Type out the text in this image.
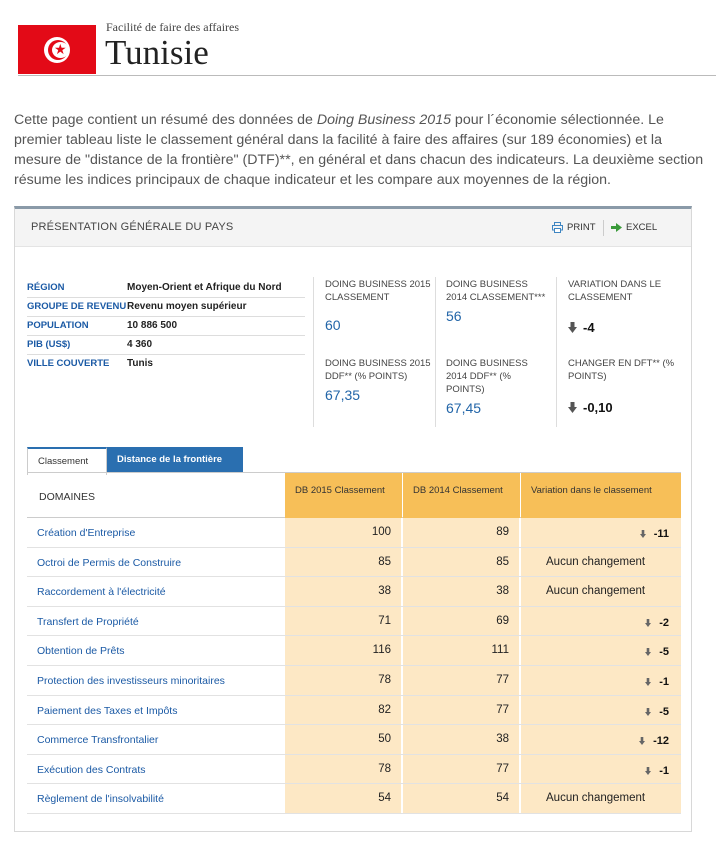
★
Facilité de faire des affaires
Tunisie

Cette page contient un résumé des données de Doing Business 2015 pour l´économie sélectionnée. Le premier tableau liste le classement général dans la facilité à faire des affaires (sur 189 économies) et la mesure de "distance de la frontière" (DTF)**, en général et dans chacun des indicateurs. La deuxième section résume les indices principaux de chaque indicateur et les compare aux moyennes de la région.

PRÉSENTATION GÉNÉRALE DU PAYS	PRINT	EXCEL
RÉGION	Moyen-Orient et Afrique du Nord
GROUPE DE REVENU Revenu moyen supérieur
POPULATION	10 886 500
PIB (US$)	4 360
VILLE COUVERTE	Tunis
DOING BUSINESS 2015 CLASSEMENT
60
DOING BUSINESS 2014 CLASSEMENT***
56
VARIATION DANS LE CLASSEMENT
-4
DOING BUSINESS 2015 DDF** (% POINTS)
67,35
DOING BUSINESS 2014 DDF** (% POINTS)
67,45
CHANGER EN DFT** (% POINTS)
-0,10
Classement	Distance de la frontière
DOMAINES
DB 2015 Classement	DB 2014 Classement	Variation dans le classement
Création d'Entreprise	100	89	-11
Octroi de Permis de Construire	85	85	Aucun changement
Raccordement à l'électricité	38	38	Aucun changement
Transfert de Propriété	71	69	-2
Obtention de Prêts	116	111	-5
Protection des investisseurs minoritaires	78	77	-1
Paiement des Taxes et Impôts	82	77	-5
Commerce Transfrontalier	50	38	-12
Exécution des Contrats	78	77	-1
Règlement de l'insolvabilité	54	54	Aucun changement
